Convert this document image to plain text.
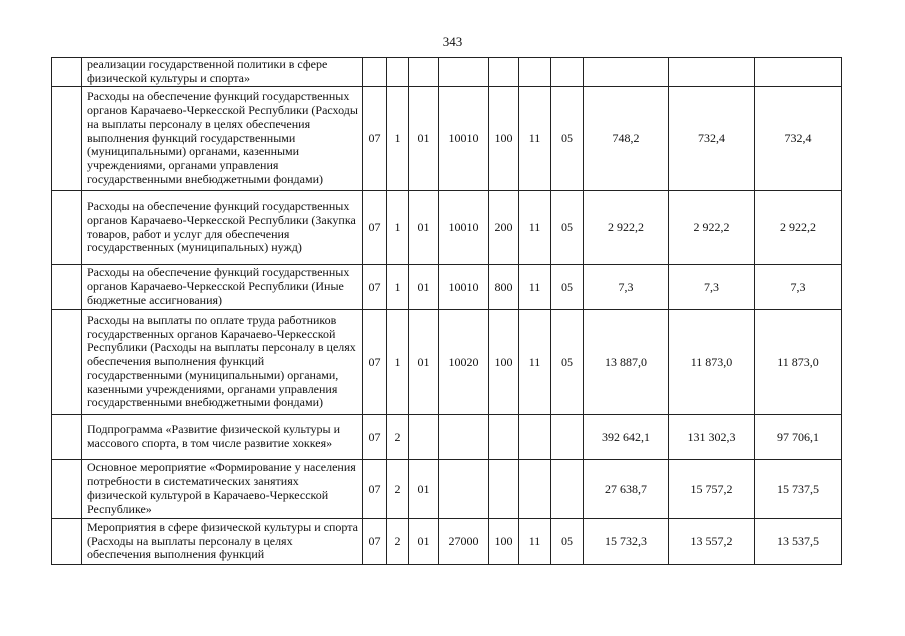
343
	реализации государственной политики в сфере физической культуры и спорта»										
	Расходы на обеспечение функций государственных органов Карачаево-Черкесской Республики (Расходы на выплаты персоналу в целях обеспечения выполнения функций государственными (муниципальными) органами, казенными учреждениями, органами управления государственными внебюджетными фондами)	07	1	01	10010	100	11	05	748,2	732,4	732,4
	Расходы на обеспечение функций государственных органов Карачаево-Черкесской Республики (Закупка товаров, работ и услуг для обеспечения государственных (муниципальных) нужд)	07	1	01	10010	200	11	05	2 922,2	2 922,2	2 922,2
	Расходы на обеспечение функций государственных органов Карачаево-Черкесской Республики (Иные бюджетные ассигнования)	07	1	01	10010	800	11	05	7,3	7,3	7,3
	Расходы на выплаты по оплате труда работников государственных органов Карачаево-Черкесской Республики (Расходы на выплаты персоналу в целях обеспечения выполнения функций государственными (муниципальными) органами, казенными учреждениями, органами управления государственными внебюджетными фондами)	07	1	01	10020	100	11	05	13 887,0	11 873,0	11 873,0
	Подпрограмма «Развитие физической культуры и массового спорта, в том числе развитие хоккея»	07	2						392 642,1	131 302,3	97 706,1
	Основное мероприятие «Формирование у населения потребности в систематических занятиях физической культурой в Карачаево-Черкесской Республике»	07	2	01					27 638,7	15 757,2	15 737,5
	Мероприятия в сфере физической культуры и спорта (Расходы на выплаты персоналу в целях обеспечения выполнения функций	07	2	01	27000	100	11	05	15 732,3	13 557,2	13 537,5
